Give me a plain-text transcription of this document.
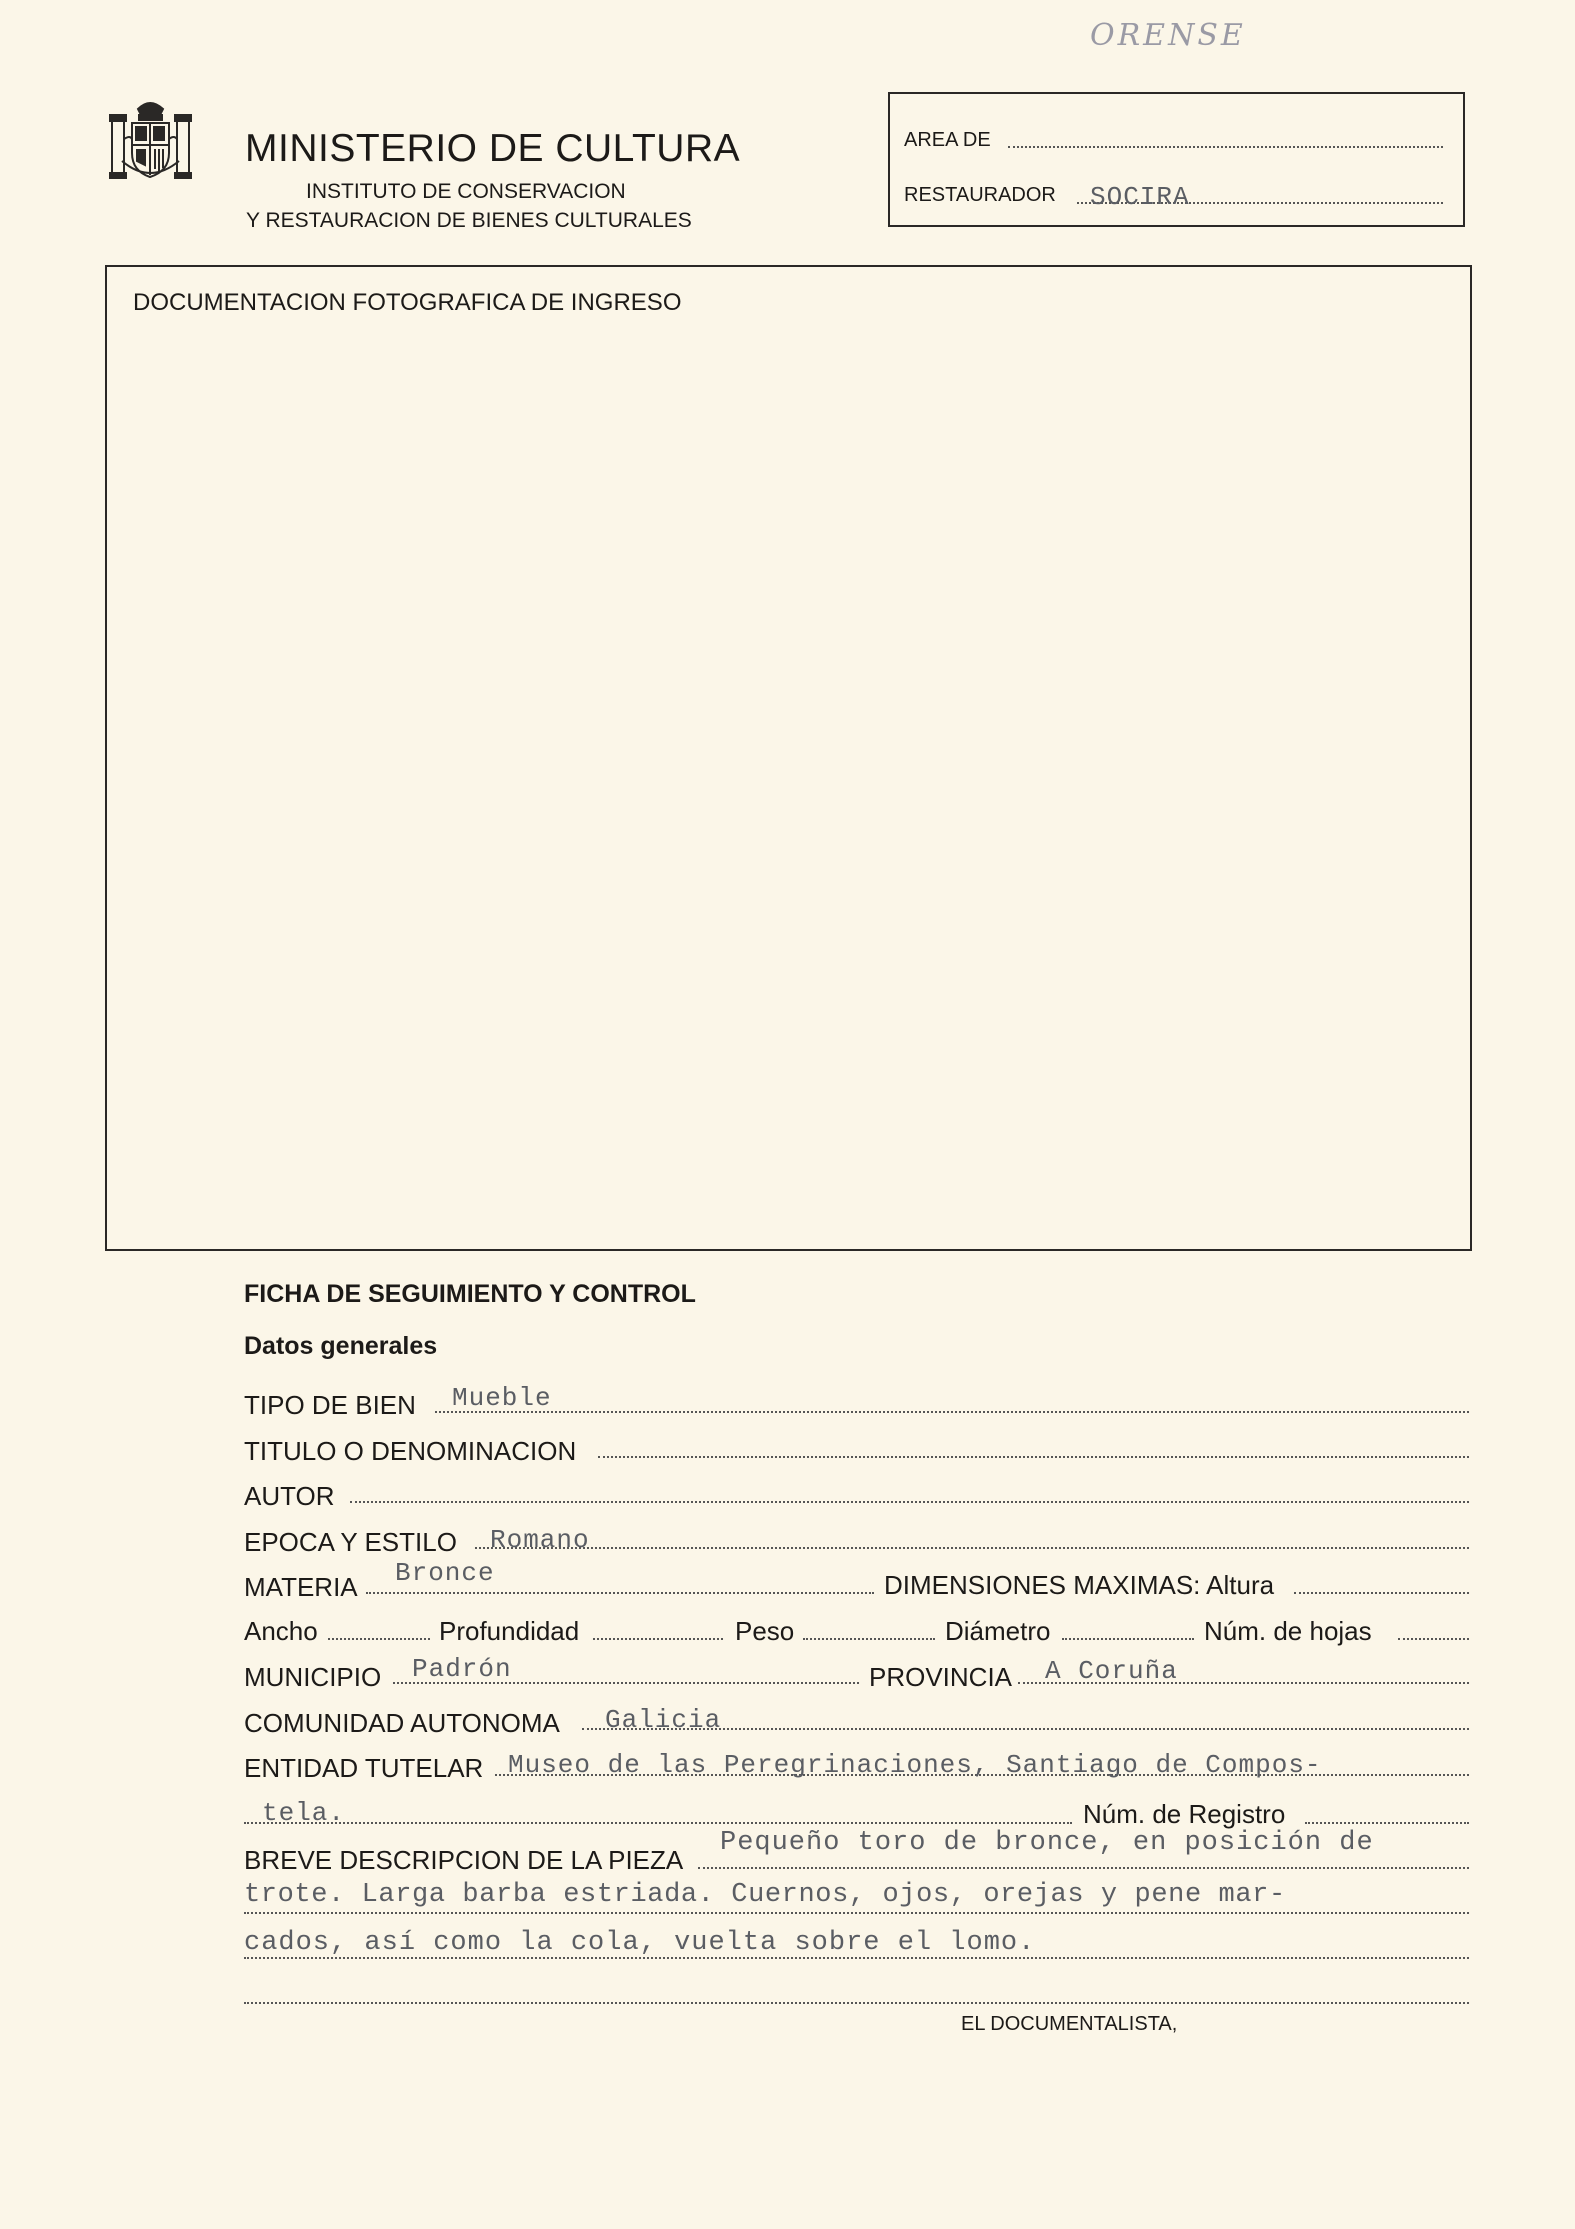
ORENSE
MINISTERIO DE CULTURA
INSTITUTO DE CONSERVACION
Y RESTAURACION DE BIENES CULTURALES
AREA DE
RESTAURADOR SOCIRA
DOCUMENTACION FOTOGRAFICA DE INGRESO
FICHA DE SEGUIMIENTO Y CONTROL
Datos generales
TIPO DE BIEN Mueble
TITULO O DENOMINACION
AUTOR
EPOCA Y ESTILO Romano
MATERIA Bronce	DIMENSIONES MAXIMAS: Altura
Ancho	Profundidad	Peso	Diámetro	Núm. de hojas
MUNICIPIO Padrón	PROVINCIA A Coruña
COMUNIDAD AUTONOMA Galicia
ENTIDAD TUTELAR Museo de las Peregrinaciones, Santiago de Compos-
tela.	Núm. de Registro
BREVE DESCRIPCION DE LA PIEZA
Pequeño toro de bronce, en posición de
trote. Larga barba estriada. Cuernos, ojos, orejas y pene mar-
cados, así como la cola, vuelta sobre el lomo.
EL DOCUMENTALISTA,
